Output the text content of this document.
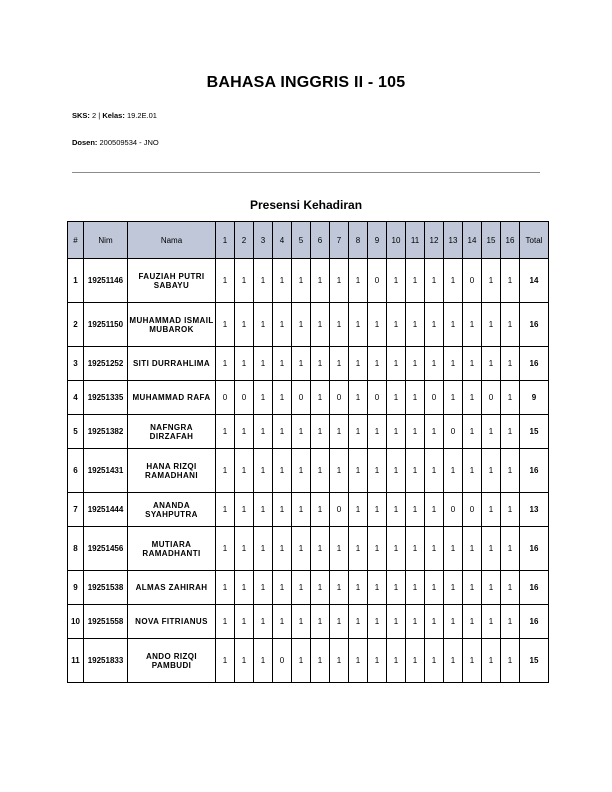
BAHASA INGGRIS II - 105
SKS: 2 | Kelas: 19.2E.01
Dosen: 200509534 - JNO
Presensi Kehadiran
#	Nim	Nama	1	2	3	4	5	6	7	8	9	10	11	12	13	14	15	16	Total
1	19251146	FAUZIAH PUTRI SABAYU	1	1	1	1	1	1	1	1	0	1	1	1	1	0	1	1	14
2	19251150	MUHAMMAD ISMAIL MUBAROK	1	1	1	1	1	1	1	1	1	1	1	1	1	1	1	1	16
3	19251252	SITI DURRAHLIMA	1	1	1	1	1	1	1	1	1	1	1	1	1	1	1	1	16
4	19251335	MUHAMMAD RAFA	0	0	1	1	0	1	0	1	0	1	1	0	1	1	0	1	9
5	19251382	NAFNGRA DIRZAFAH	1	1	1	1	1	1	1	1	1	1	1	1	0	1	1	1	15
6	19251431	HANA RIZQI RAMADHANI	1	1	1	1	1	1	1	1	1	1	1	1	1	1	1	1	16
7	19251444	ANANDA SYAHPUTRA	1	1	1	1	1	1	0	1	1	1	1	1	0	0	1	1	13
8	19251456	MUTIARA RAMADHANTI	1	1	1	1	1	1	1	1	1	1	1	1	1	1	1	1	16
9	19251538	ALMAS ZAHIRAH	1	1	1	1	1	1	1	1	1	1	1	1	1	1	1	1	16
10	19251558	NOVA FITRIANUS	1	1	1	1	1	1	1	1	1	1	1	1	1	1	1	1	16
11	19251833	ANDO RIZQI PAMBUDI	1	1	1	0	1	1	1	1	1	1	1	1	1	1	1	1	15
